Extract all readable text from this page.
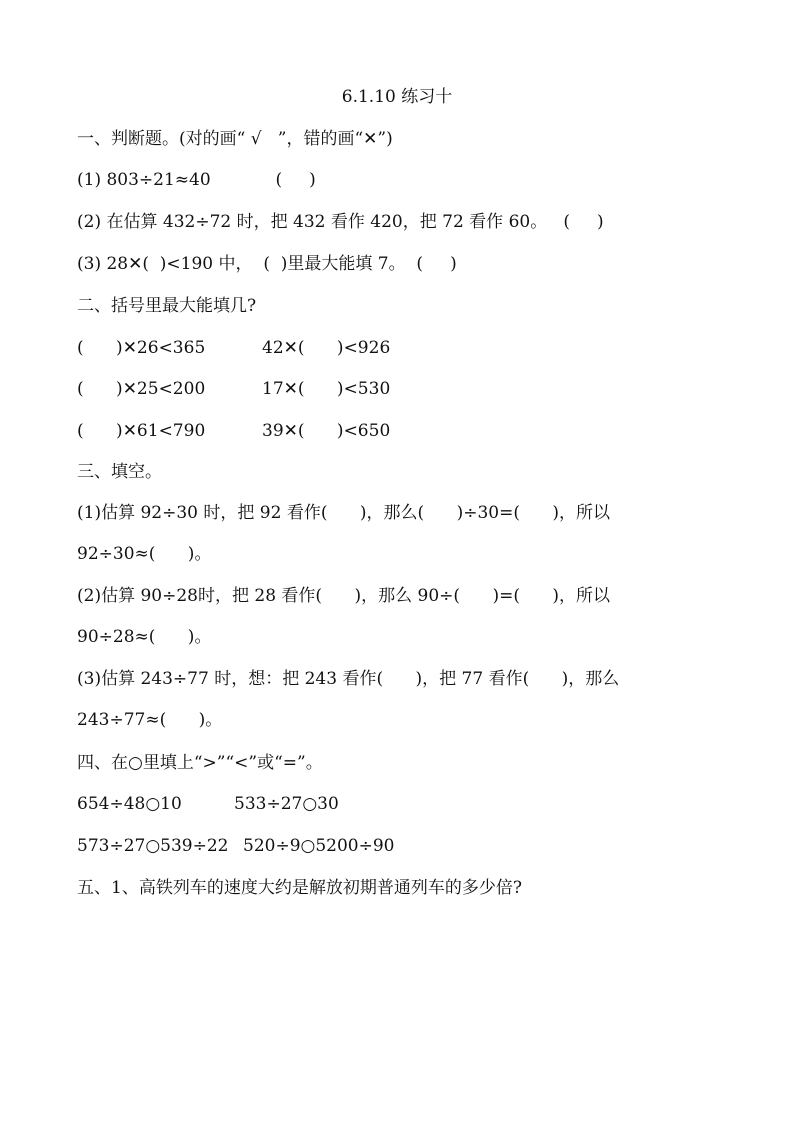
6.1.10 练习十
一、判断题。(对的画“ √   ”，错的画“✕”)
(1) 803÷21≈40            (     )
(2) 在估算 432÷72 时，把 432 看作 420，把 72 看作 60。   (     )
(3) 28✕(  )<190 中，  (  )里最大能填 7。  (     )
二、括号里最大能填几?
(      )✕26<365	42✕(      )<926
(      )✕25<200	17✕(      )<530
(      )✕61<790	39✕(      )<650
三、填空。
(1)估算 92÷30 时，把 92 看作(      )，那么(      )÷30=(      )，所以
92÷30≈(      )。
(2)估算 90÷28时，把 28 看作(      )，那么 90÷(      )=(      )，所以
90÷28≈(      )。
(3)估算 243÷77 时，想：把 243 看作(      )，把 77 看作(      )，那么
243÷77≈(      )。
四、在○里填上“>”“<”或“=”。
654÷48○10	533÷27○30
573÷27○539÷22 520÷9○5200÷90
五、1、高铁列车的速度大约是解放初期普通列车的多少倍?
